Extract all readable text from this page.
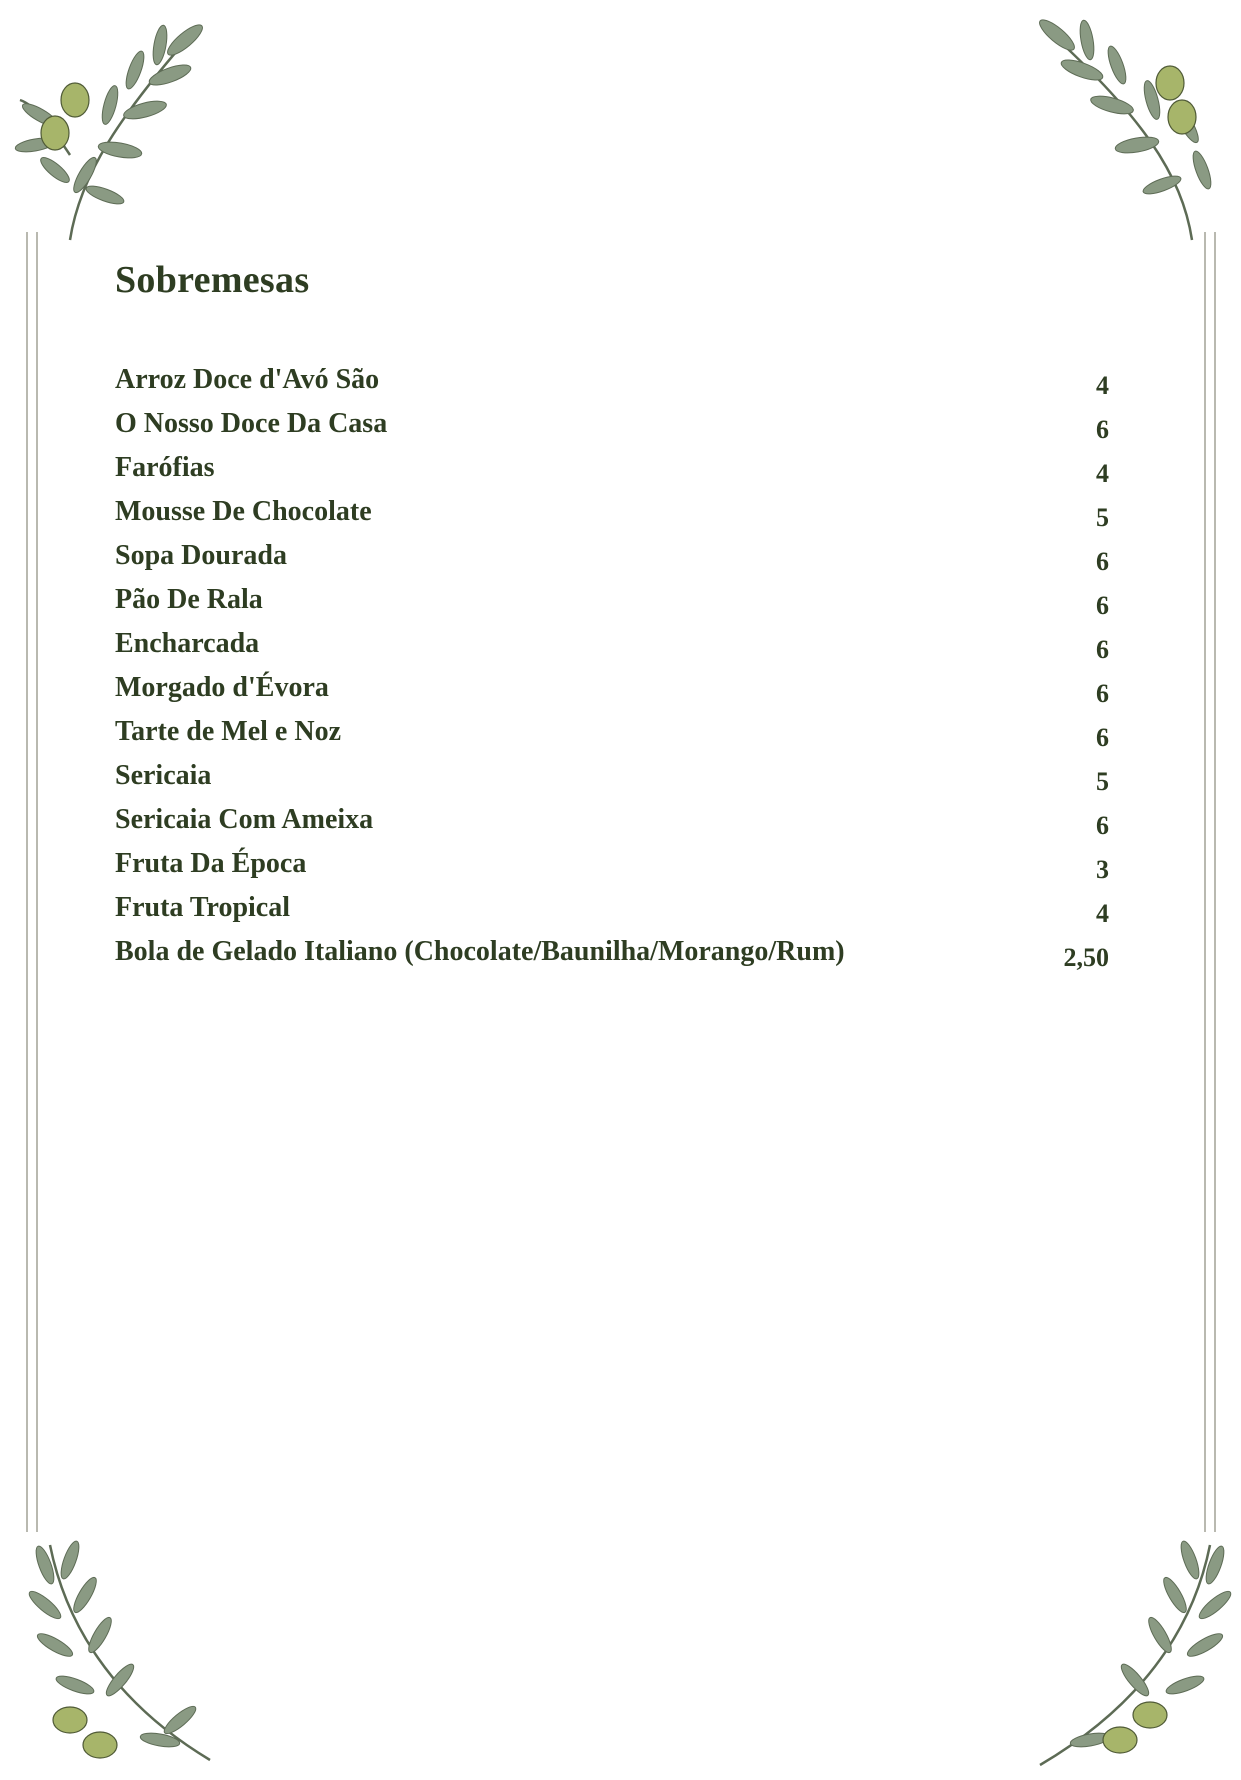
Sobremesas
Arroz Doce d'Avó São	4
O Nosso Doce Da Casa	6
Farófias	4
Mousse De Chocolate	5
Sopa Dourada	6
Pão De Rala	6
Encharcada	6
Morgado d'Évora	6
Tarte de Mel e Noz	6
Sericaia	5
Sericaia Com Ameixa	6
Fruta Da Época	3
Fruta Tropical	4
Bola de Gelado Italiano (Chocolate/Baunilha/Morango/Rum)	2,50
